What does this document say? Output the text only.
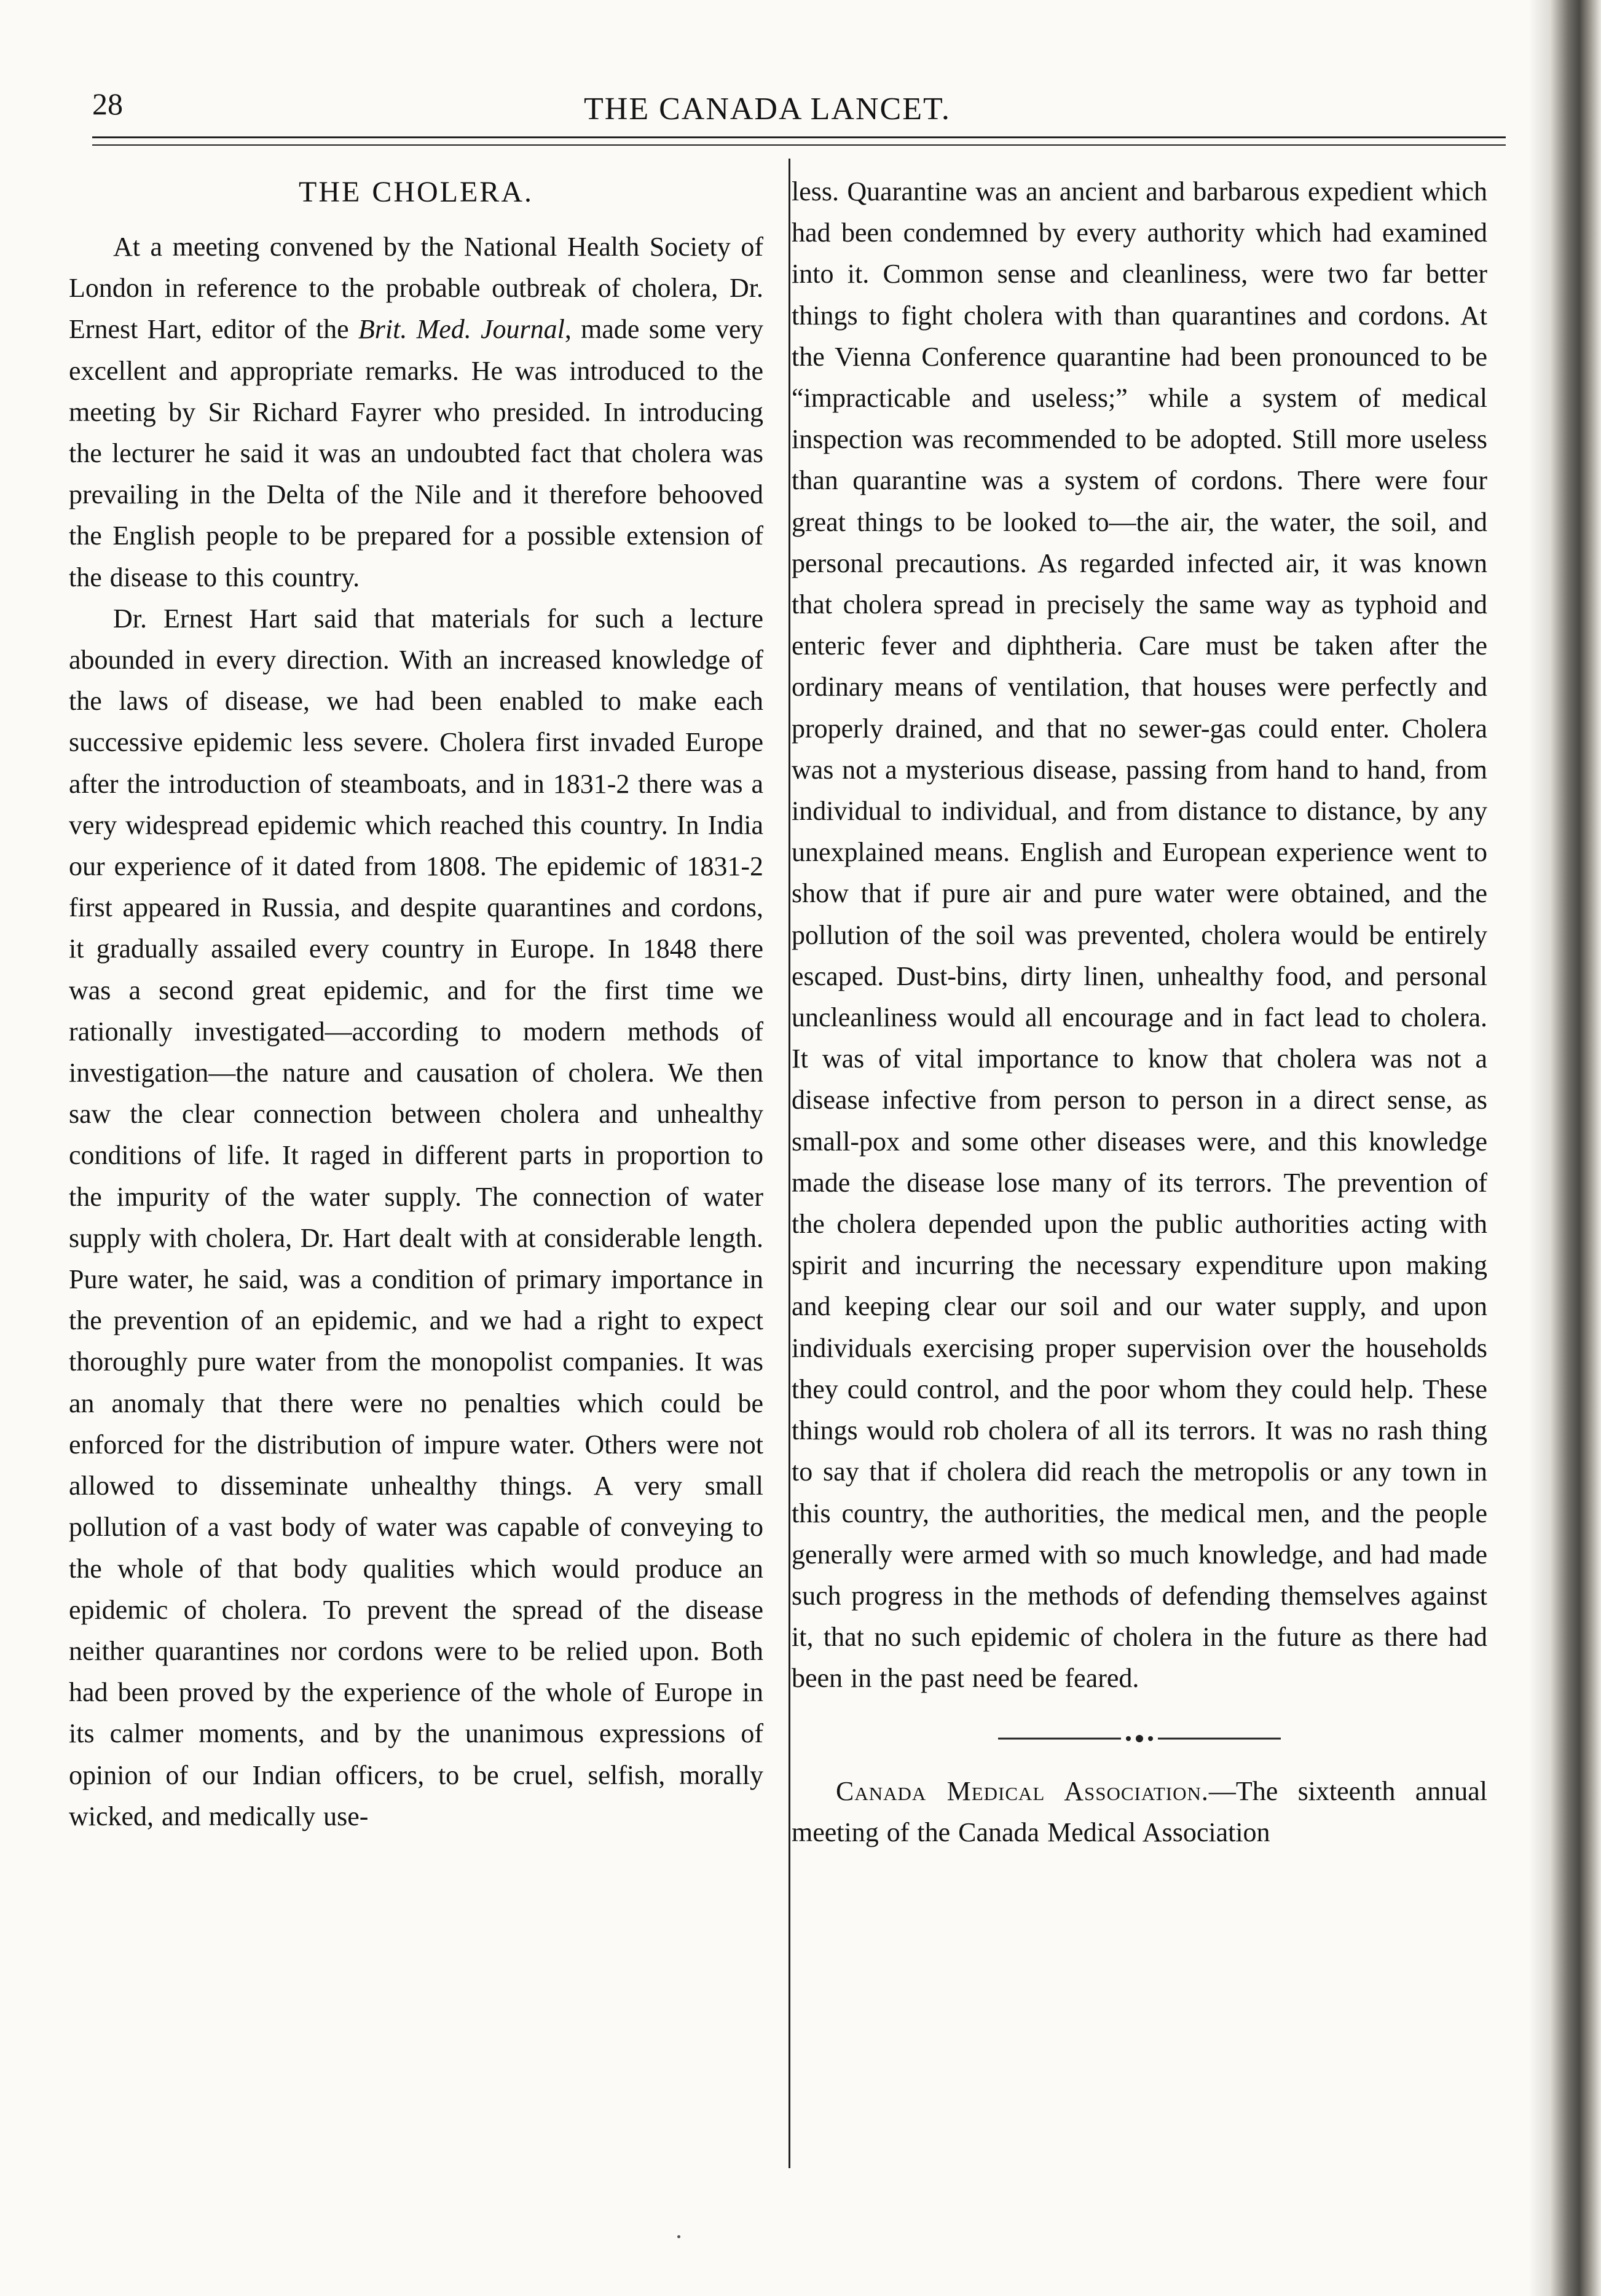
28	THE CANADA LANCET.
THE CHOLERA.

At a meeting convened by the National Health Society of London in reference to the probable outbreak of cholera, Dr. Ernest Hart, editor of the Brit. Med. Journal, made some very excellent and appropriate remarks. He was introduced to the meeting by Sir Richard Fayrer who presided. In introducing the lecturer he said it was an undoubted fact that cholera was prevailing in the Delta of the Nile and it therefore behooved the English people to be prepared for a possible extension of the disease to this country.

Dr. Ernest Hart said that materials for such a lecture abounded in every direction. With an increased knowledge of the laws of disease, we had been enabled to make each successive epidemic less severe. Cholera first invaded Europe after the introduction of steamboats, and in 1831-2 there was a very widespread epidemic which reached this country. In India our experience of it dated from 1808. The epidemic of 1831-2 first appeared in Russia, and despite quarantines and cordons, it gradually assailed every country in Europe. In 1848 there was a second great epidemic, and for the first time we rationally investigated—according to modern methods of investigation—the nature and causation of cholera. We then saw the clear connection between cholera and unhealthy conditions of life. It raged in different parts in proportion to the impurity of the water supply. The connection of water supply with cholera, Dr. Hart dealt with at considerable length. Pure water, he said, was a condition of primary importance in the prevention of an epidemic, and we had a right to expect thoroughly pure water from the monopolist companies. It was an anomaly that there were no penalties which could be enforced for the distribution of impure water. Others were not allowed to disseminate unhealthy things. A very small pollution of a vast body of water was capable of conveying to the whole of that body qualities which would produce an epidemic of cholera. To prevent the spread of the disease neither quarantines nor cordons were to be relied upon. Both had been proved by the experience of the whole of Europe in its calmer moments, and by the unanimous expressions of opinion of our Indian officers, to be cruel, selfish, morally wicked, and medically use-

less. Quarantine was an ancient and barbarous expedient which had been condemned by every authority which had examined into it. Common sense and cleanliness, were two far better things to fight cholera with than quarantines and cordons. At the Vienna Conference quarantine had been pronounced to be “impracticable and useless;” while a system of medical inspection was recommended to be adopted. Still more useless than quarantine was a system of cordons. There were four great things to be looked to—the air, the water, the soil, and personal precautions. As regarded infected air, it was known that cholera spread in precisely the same way as typhoid and enteric fever and diphtheria. Care must be taken after the ordinary means of ventilation, that houses were perfectly and properly drained, and that no sewer-gas could enter. Cholera was not a mysterious disease, passing from hand to hand, from individual to individual, and from distance to distance, by any unexplained means. English and European experience went to show that if pure air and pure water were obtained, and the pollution of the soil was prevented, cholera would be entirely escaped. Dust-bins, dirty linen, unhealthy food, and personal uncleanliness would all encourage and in fact lead to cholera. It was of vital importance to know that cholera was not a disease infective from person to person in a direct sense, as small-pox and some other diseases were, and this knowledge made the disease lose many of its terrors. The prevention of the cholera depended upon the public authorities acting with spirit and incurring the necessary expenditure upon making and keeping clear our soil and our water supply, and upon individuals exercising proper supervision over the households they could control, and the poor whom they could help. These things would rob cholera of all its terrors. It was no rash thing to say that if cholera did reach the metropolis or any town in this country, the authorities, the medical men, and the people generally were armed with so much knowledge, and had made such progress in the methods of defending themselves against it, that no such epidemic of cholera in the future as there had been in the past need be feared.

Canada Medical Association.—The sixteenth annual meeting of the Canada Medical Association
